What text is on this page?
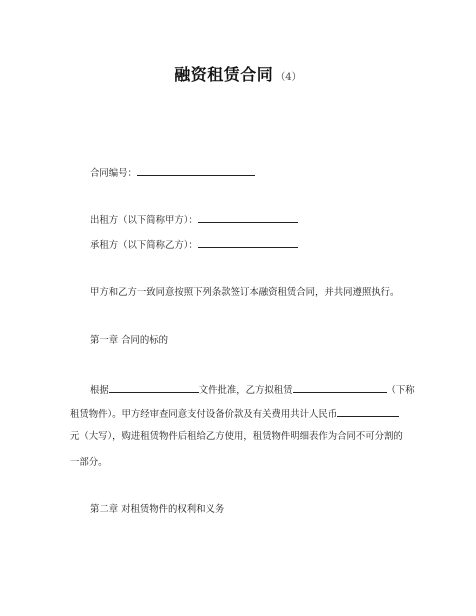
融资租赁合同 （4）
合同编号：
出租方（以下简称甲方）：
承租方（以下简称乙方）：
甲方和乙方一致同意按照下列条款签订本融资租赁合同，并共同遵照执行。
第一章 合同的标的
根据	文件批准，乙方拟租赁	（下称
租赁物件）。甲方经审查同意支付设备价款及有关费用共计人民币
元（大写），购进租赁物件后租给乙方使用，租赁物件明细表作为合同不可分割的
一部分。
第二章 对租赁物件的权利和义务
